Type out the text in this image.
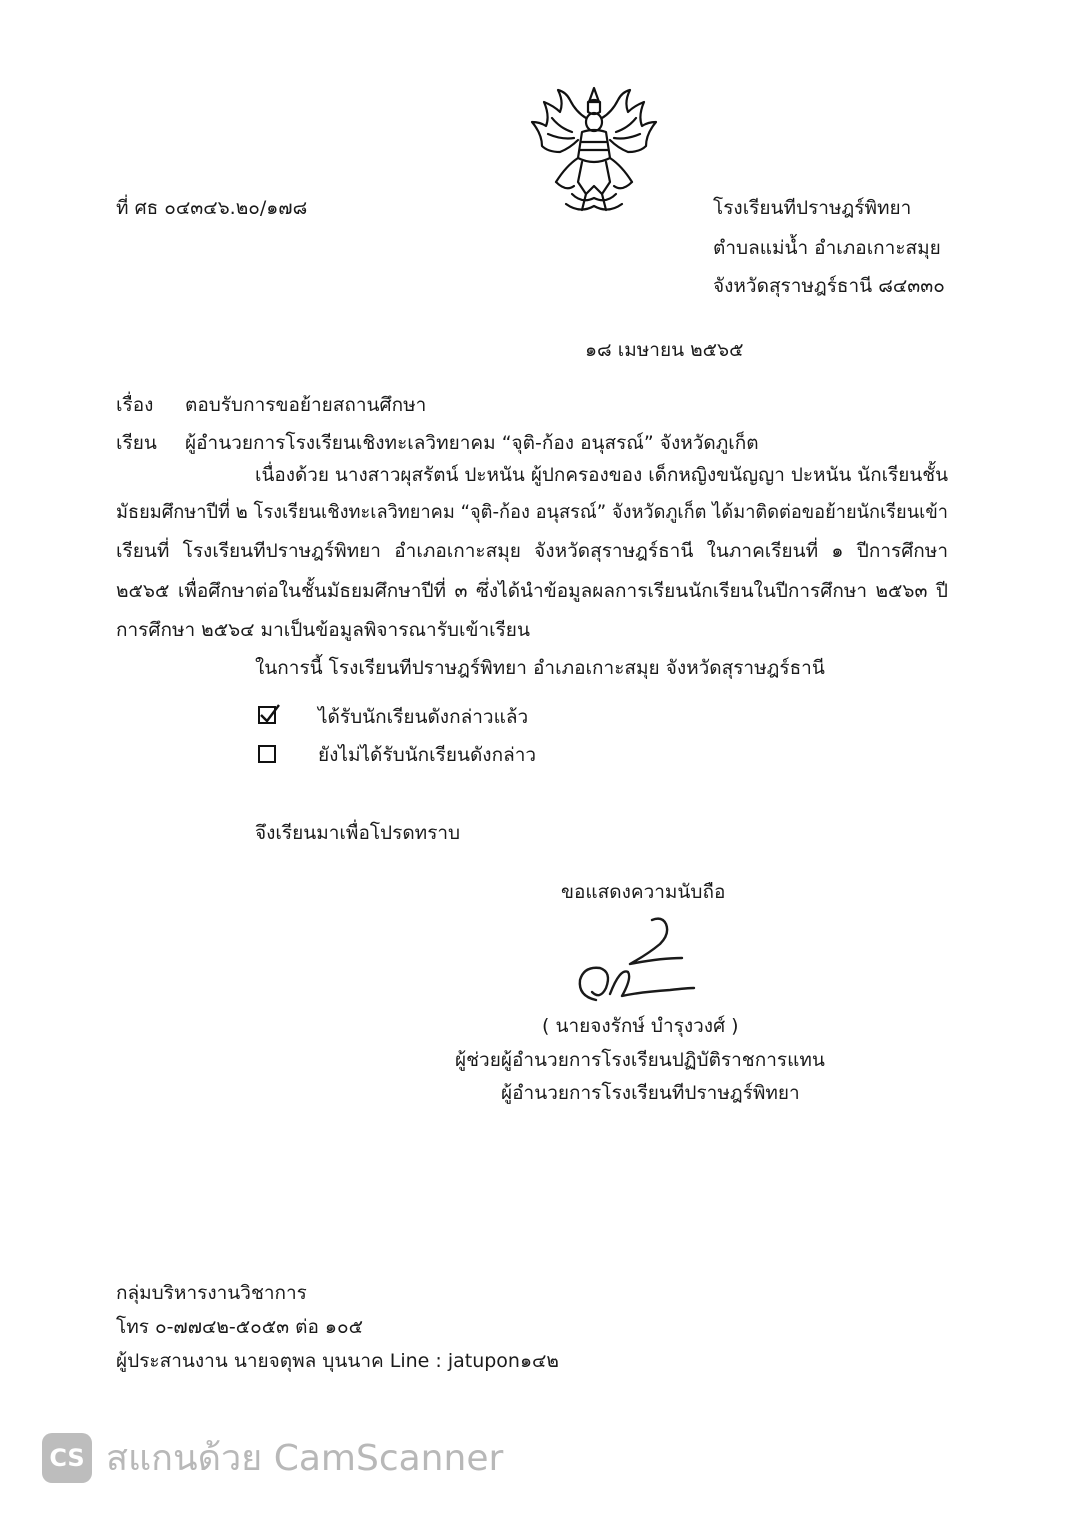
ที่ ศธ ๐๔๓๔๖.๒๐/๑๗๘	โรงเรียนทีปราษฎร์พิทยา
ตำบลแม่น้ำ อำเภอเกาะสมุย
จังหวัดสุราษฎร์ธานี ๘๔๓๓๐
๑๘ เมษายน ๒๕๖๕
เรื่อง ตอบรับการขอย้ายสถานศึกษา
เรียน ผู้อำนวยการโรงเรียนเชิงทะเลวิทยาคม “จุติ-ก้อง อนุสรณ์” จังหวัดภูเก็ต
เนื่องด้วย นางสาวผุสรัตน์ ปะหนัน ผู้ปกครองของ เด็กหญิงขนัญญา ปะหนัน นักเรียนชั้น
มัธยมศึกษาปีที่ ๒ โรงเรียนเชิงทะเลวิทยาคม “จุติ-ก้อง อนุสรณ์” จังหวัดภูเก็ต ได้มาติดต่อขอย้ายนักเรียนเข้า
เรียนที่ โรงเรียนทีปราษฎร์พิทยา อำเภอเกาะสมุย จังหวัดสุราษฎร์ธานี ในภาคเรียนที่ ๑ ปีการศึกษา
๒๕๖๕ เพื่อศึกษาต่อในชั้นมัธยมศึกษาปีที่ ๓ ซึ่งได้นำข้อมูลผลการเรียนนักเรียนในปีการศึกษา ๒๕๖๓ ปี
การศึกษา ๒๕๖๔ มาเป็นข้อมูลพิจารณารับเข้าเรียน
ในการนี้ โรงเรียนทีปราษฎร์พิทยา อำเภอเกาะสมุย จังหวัดสุราษฎร์ธานี
ได้รับนักเรียนดังกล่าวแล้ว
ยังไม่ได้รับนักเรียนดังกล่าว
จึงเรียนมาเพื่อโปรดทราบ
ขอแสดงความนับถือ
( นายจงรักษ์ บำรุงวงศ์ )
ผู้ช่วยผู้อำนวยการโรงเรียนปฏิบัติราชการแทน
ผู้อำนวยการโรงเรียนทีปราษฎร์พิทยา
กลุ่มบริหารงานวิชาการ
โทร ๐-๗๗๔๒-๕๐๕๓ ต่อ ๑๐๕
ผู้ประสานงาน นายจตุพล บุนนาค Line : jatupon๑๔๒
CS สแกนด้วย CamScanner
